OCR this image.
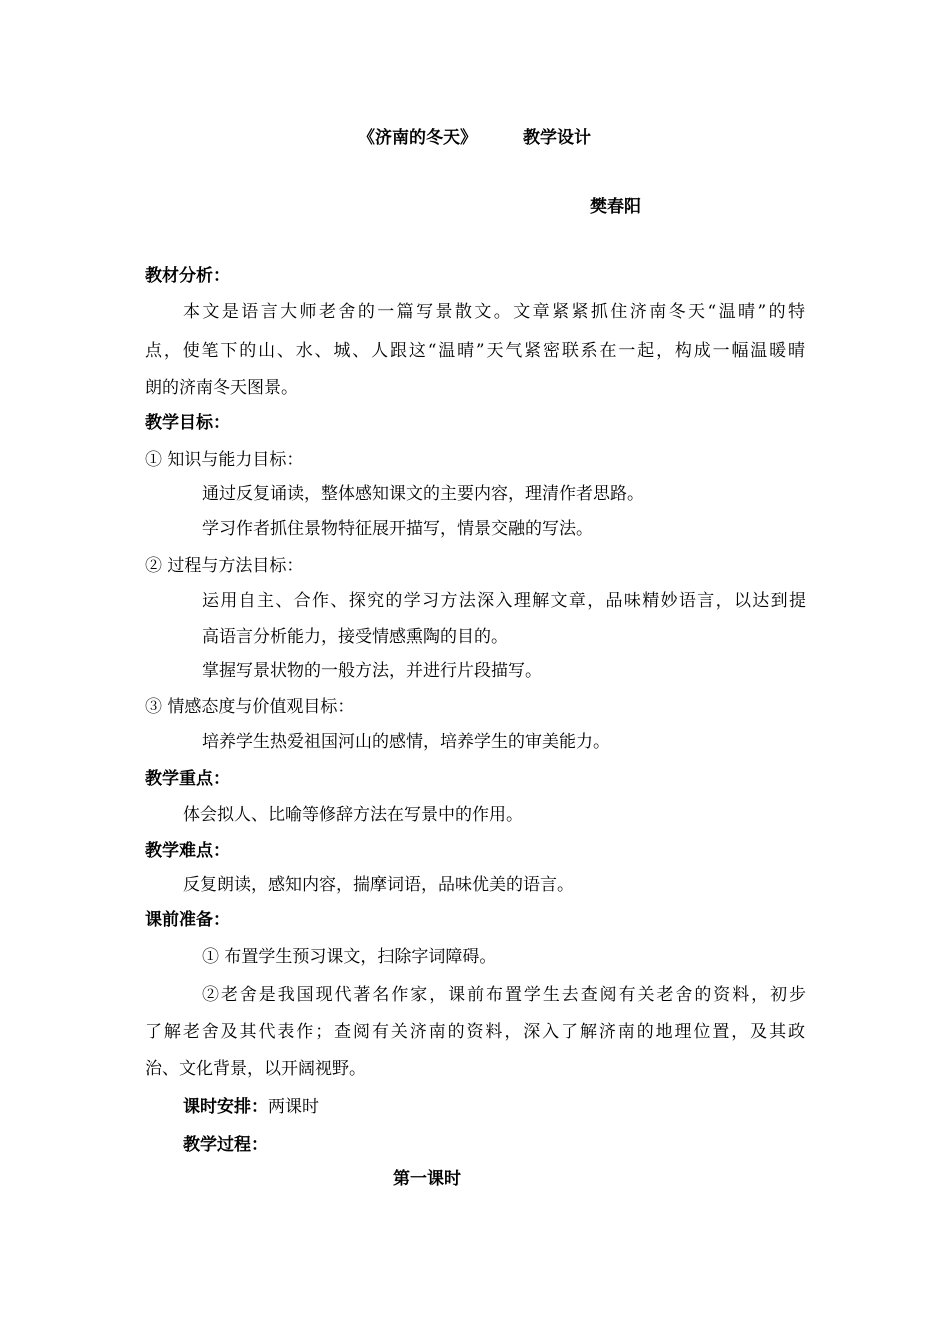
《济南的冬天》	教学设计
樊春阳
教材分析：
本文是语言大师老舍的一篇写景散文。文章紧紧抓住济南冬天“温晴”的特
点，使笔下的山、水、城、人跟这“温晴”天气紧密联系在一起，构成一幅温暖晴
朗的济南冬天图景。
教学目标：
① 知识与能力目标：
通过反复诵读，整体感知课文的主要内容，理清作者思路。
学习作者抓住景物特征展开描写，情景交融的写法。
② 过程与方法目标：
运用自主、合作、探究的学习方法深入理解文章，品味精妙语言，以达到提
高语言分析能力，接受情感熏陶的目的。
掌握写景状物的一般方法，并进行片段描写。
③ 情感态度与价值观目标：
培养学生热爱祖国河山的感情，培养学生的审美能力。
教学重点：
体会拟人、比喻等修辞方法在写景中的作用。
教学难点：
反复朗读，感知内容，揣摩词语，品味优美的语言。
课前准备：
① 布置学生预习课文，扫除字词障碍。
②老舍是我国现代著名作家，课前布置学生去查阅有关老舍的资料，初步
了解老舍及其代表作；查阅有关济南的资料，深入了解济南的地理位置，及其政
治、文化背景，以开阔视野。
课时安排：两课时
教学过程：
第一课时
